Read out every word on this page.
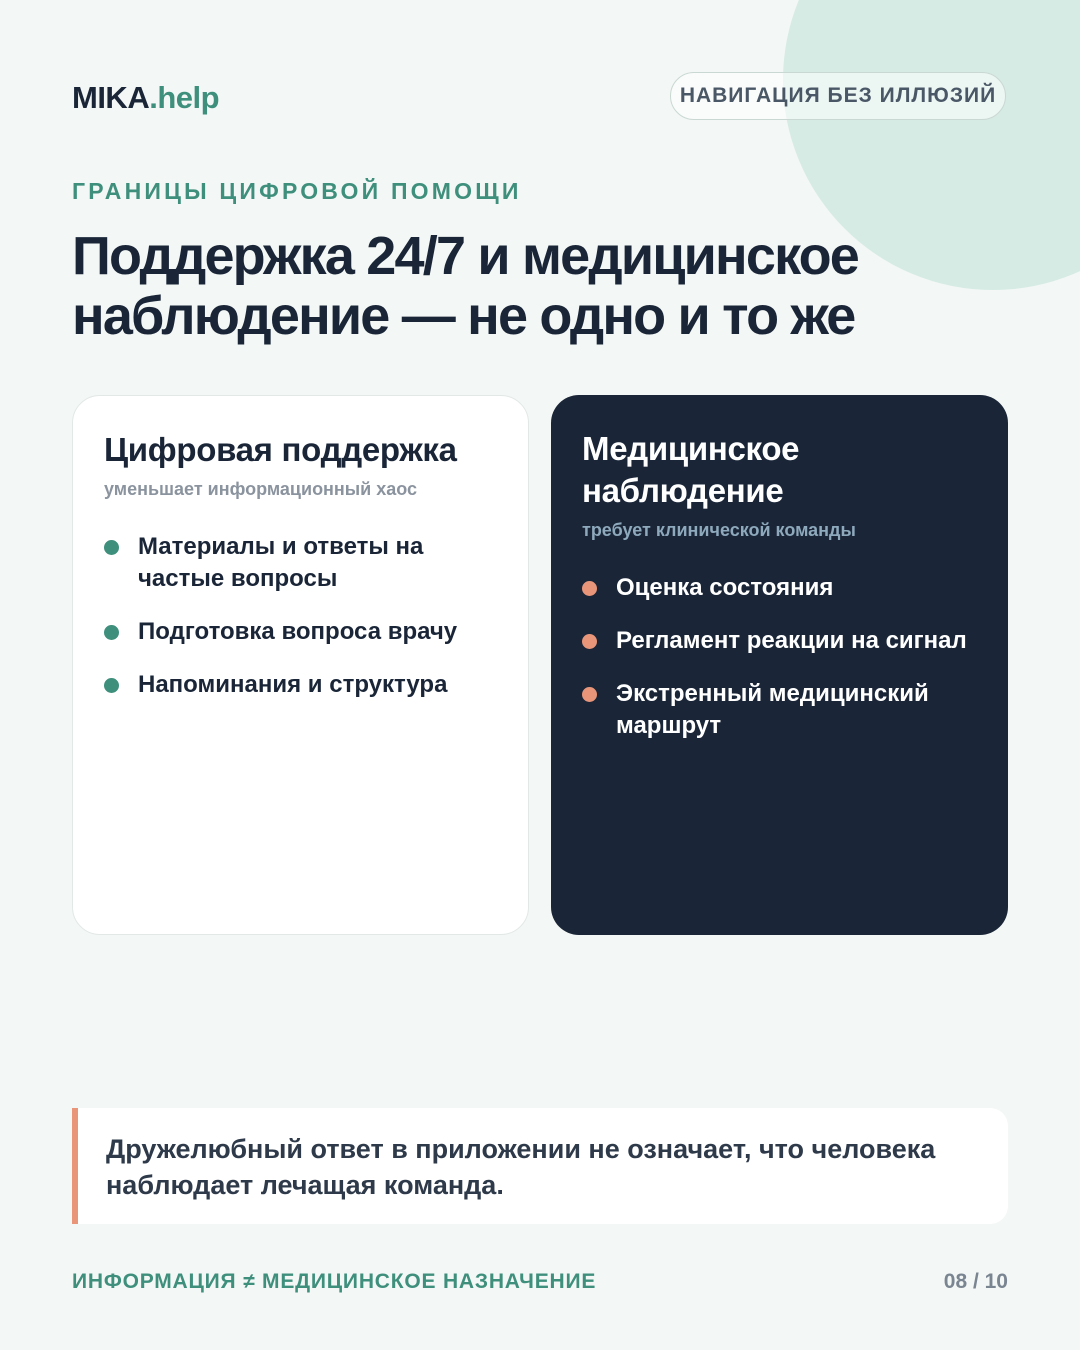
MIKA.help	НАВИГАЦИЯ БЕЗ ИЛЛЮЗИЙ
ГРАНИЦЫ ЦИФРОВОЙ ПОМОЩИ
Поддержка 24/7 и медицинское наблюдение — не одно и то же
Цифровая поддержка
уменьшает информационный хаос
Материалы и ответы на частые вопросы
Подготовка вопроса врачу
Напоминания и структура
Медицинское наблюдение
требует клинической команды
Оценка состояния
Регламент реакции на сигнал
Экстренный медицинский маршрут
Дружелюбный ответ в приложении не означает, что человека наблюдает лечащая команда.
ИНФОРМАЦИЯ ≠ МЕДИЦИНСКОЕ НАЗНАЧЕНИЕ	08 / 10
